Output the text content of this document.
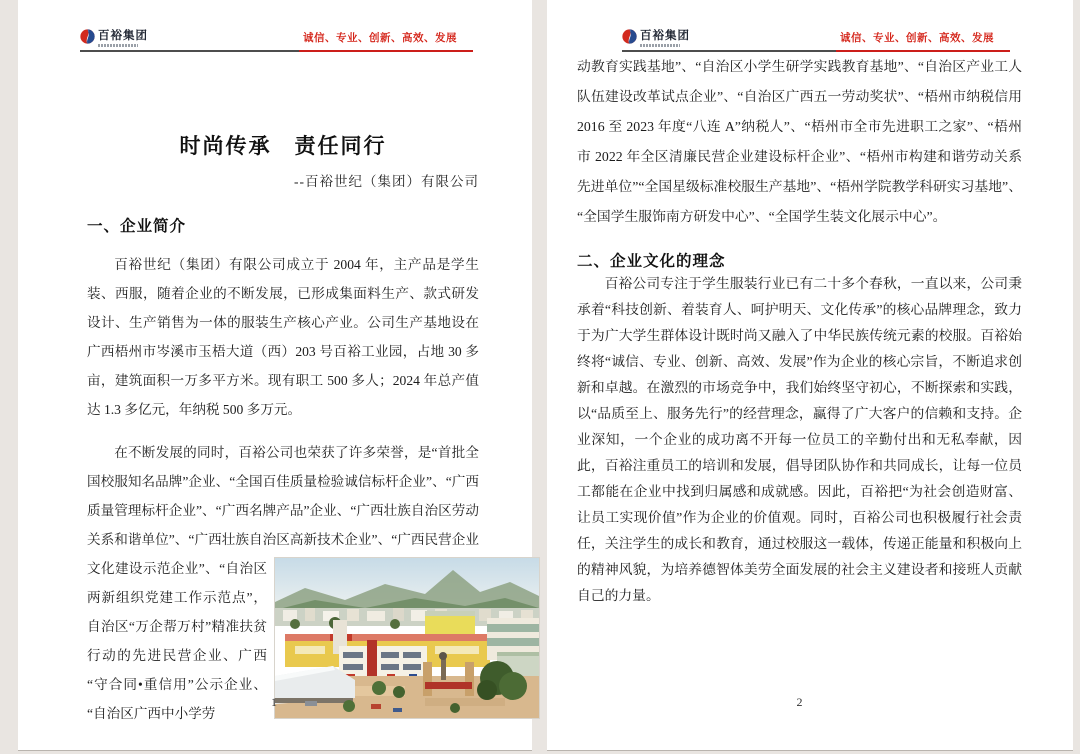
百裕集团	诚信、专业、创新、高效、发展
时尚传承　责任同行
--百裕世纪（集团）有限公司
一、企业简介

百裕世纪（集团）有限公司成立于 2004 年，主产品是学生装、西服，随着企业的不断发展，已形成集面料生产、款式研发设计、生产销售为一体的服装生产核心产业。公司生产基地设在广西梧州市岑溪市玉梧大道（西）203 号百裕工业园，占地 30 多亩，建筑面积一万多平方米。现有职工 500 多人；2024 年总产值达 1.3 多亿元，年纳税 500 多万元。

在不断发展的同时，百裕公司也荣获了许多荣誉，是“首批全国校服知名品牌”企业、“全国百佳质量检验诚信标杆企业”、“广西质量管理标杆企业”、“广西名牌产品”企业、“广西壮族自治区劳动关系和谐单位”、“广西壮族自治区高新技术企业”、“广西民营企业文化
建设示范企业”、“自治区两新组织党建工作示范点”，自治区“万企帮万村”精准扶贫行动的先进民营企业、广西“守合同•重信用”公示企业、“自治区广西中小学劳

1
百裕集团	诚信、专业、创新、高效、发展

动教育实践基地”、“自治区小学生研学实践教育基地”、“自治区产业工人队伍建设改革试点企业”、“自治区广西五一劳动奖状”、“梧州市纳税信用 2016 至 2023 年度“八连 A”纳税人”、“梧州市全市先进职工之家”、“梧州市 2022 年全区清廉民营企业建设标杆企业”、“梧州市构建和谐劳动关系先进单位”“全国星级标准校服生产基地”、“梧州学院教学科研实习基地”、“全国学生服饰南方研发中心”、“全国学生装文化展示中心”。

二、企业文化的理念

百裕公司专注于学生服装行业已有二十多个春秋，一直以来，公司秉承着“科技创新、着装育人、呵护明天、文化传承”的核心品牌理念，致力于为广大学生群体设计既时尚又融入了中华民族传统元素的校服。百裕始终将“诚信、专业、创新、高效、发展”作为企业的核心宗旨，不断追求创新和卓越。在激烈的市场竞争中，我们始终坚守初心，不断探索和实践，以“品质至上、服务先行”的经营理念，赢得了广大客户的信赖和支持。企业深知，一个企业的成功离不开每一位员工的辛勤付出和无私奉献，因此，百裕注重员工的培训和发展，倡导团队协作和共同成长，让每一位员工都能在企业中找到归属感和成就感。因此，百裕把“为社会创造财富、让员工实现价值”作为企业的价值观。同时，百裕公司也积极履行社会责任，关注学生的成长和教育，通过校服这一载体，传递正能量和积极向上的精神风貌，为培养德智体美劳全面发展的社会主义建设者和接班人贡献自己的力量。

2
